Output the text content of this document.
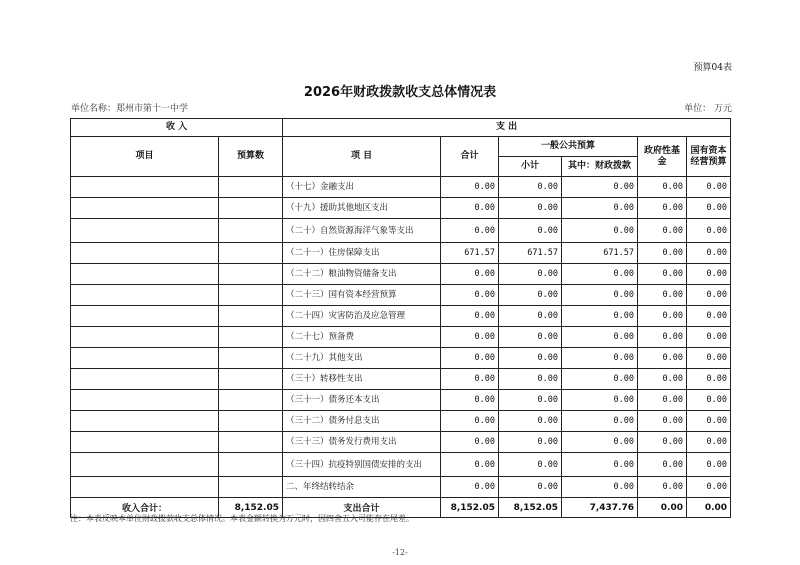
预算04表
2026年财政拨款收支总体情况表
单位名称：郑州市第十一中学	单位： 万元
收 入		支 出					
项目	预算数	项 目	合计	一般公共预算		政府性基金	国有资本经营预算
				小计	其中：财政拨款		
		（十七）金融支出	0.00	0.00	0.00	0.00	0.00
		（十九）援助其他地区支出	0.00	0.00	0.00	0.00	0.00
		（二十）自然资源海洋气象等支出	0.00	0.00	0.00	0.00	0.00
		（二十一）住房保障支出	671.57	671.57	671.57	0.00	0.00
		（二十二）粮油物资储备支出	0.00	0.00	0.00	0.00	0.00
		（二十三）国有资本经营预算	0.00	0.00	0.00	0.00	0.00
		（二十四）灾害防治及应急管理	0.00	0.00	0.00	0.00	0.00
		（二十七）预备费	0.00	0.00	0.00	0.00	0.00
		（二十九）其他支出	0.00	0.00	0.00	0.00	0.00
		（三十）转移性支出	0.00	0.00	0.00	0.00	0.00
		（三十一）债务还本支出	0.00	0.00	0.00	0.00	0.00
		（三十二）债务付息支出	0.00	0.00	0.00	0.00	0.00
		（三十三）债务发行费用支出	0.00	0.00	0.00	0.00	0.00
		（三十四）抗疫特别国债安排的支出	0.00	0.00	0.00	0.00	0.00
		二、年终结转结余	0.00	0.00	0.00	0.00	0.00
收入合计：	8,152.05	支出合计	8,152.05	8,152.05	7,437.76	0.00	0.00
注：本表反映本单位财政拨款收支总体情况。本表金额转换为万元时，因四舍五入可能存在尾差。
-12-
